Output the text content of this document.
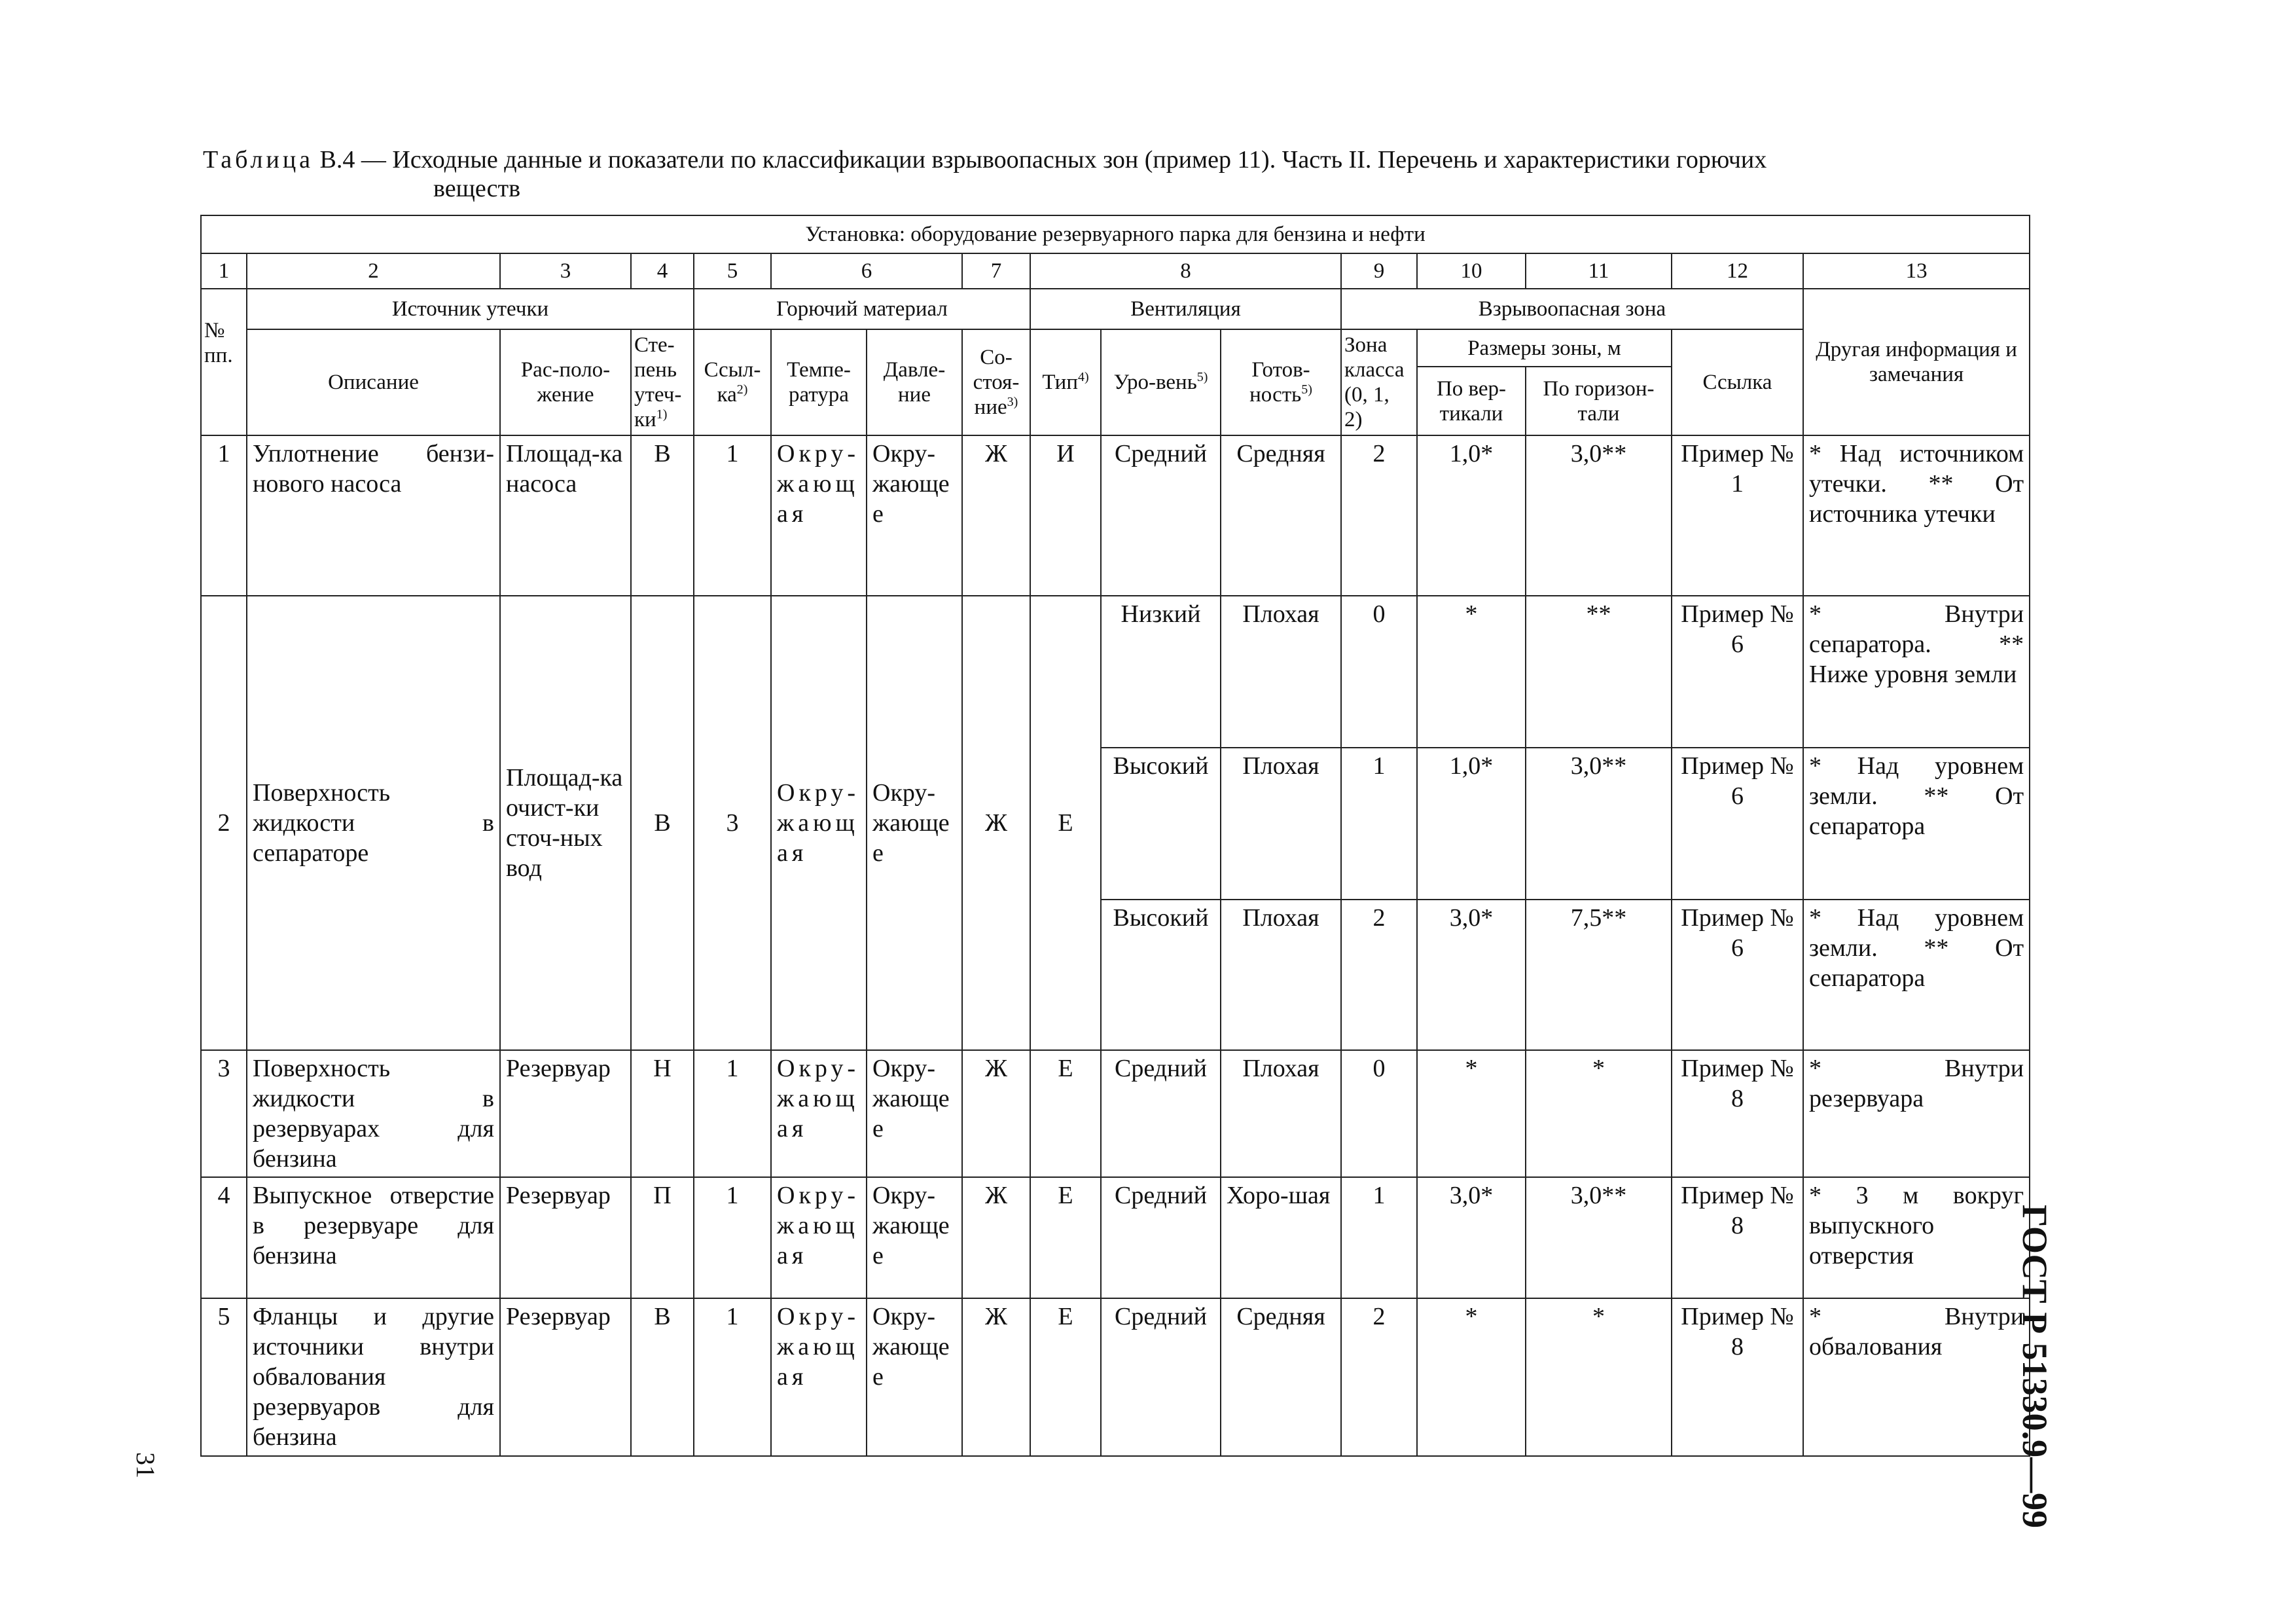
Таблица В.4 — Исходные данные и показатели по классификации взрывоопасных зон (пример 11). Часть II. Перечень и характеристики горючих
веществ
Установка: оборудование резервуарного парка для бензина и нефти															
1	2	3	4	5	6		7	8			9	10	11	12	13
№ пп.	Источник утечки			Горючий материал				Вентиляция			Взрывоопасная зона				Другая информация и замечания
	Описание	Рас-поло-жение	Сте-пень утеч-$ки^{1)}$	Ссыл-$ка^{2)}$	Темпе-ратура	Давле-ние	Со-стоя-ние$^{3)}$	Тип$^{4)}$	Уро-вень$^{5)}$	Готов-ность$^{5)}$	Зона класса (0, 1, 2)	Размеры зоны, м		Ссылка	
												По вер-тикали	По горизон-тали		
1	Уплотнение бензи-нового насоса	Площад-ка насоса	В	1	Окру-жающая	Окру-жающее	Ж	И	Средний	Средняя	2	1,0*	3,0**	Пример № 1	* Над источником утечки. ** От источника утечки
2	Поверхность жидкости в сепараторе	Площад-ка очист-ки сточ-ных вод	В	3	Окру-жающая	Окру-жающее	Ж	Е	Низкий	Плохая	0	*	**	Пример № 6	* Внутри сепаратора. ** Ниже уровня земли
									Высокий	Плохая	1	1,0*	3,0**	Пример № 6	* Над уровнем земли. ** От сепаратора
									Высокий	Плохая	2	3,0*	7,5**	Пример № 6	* Над уровнем земли. ** От сепаратора
3	Поверхность жидкости в резервуарах для бензина	Резервуар	Н	1	Окру-жающая	Окру-жающее	Ж	Е	Средний	Плохая	0	*	*	Пример № 8	* Внутри резервуара
4	Выпускное отверстие в резервуаре для бензина	Резервуар	П	1	Окру-жающая	Окру-жающее	Ж	Е	Средний	Хоро-шая	1	3,0*	3,0**	Пример № 8	* 3 м вокруг выпускного отверстия
5	Фланцы и другие источники внутри обвалования резервуаров для бензина	Резервуар	В	1	Окру-жающая	Окру-жающее	Ж	Е	Средний	Средняя	2	*	*	Пример № 8	* Внутри обвалования ГОСТ Р 51330.9—99
31
